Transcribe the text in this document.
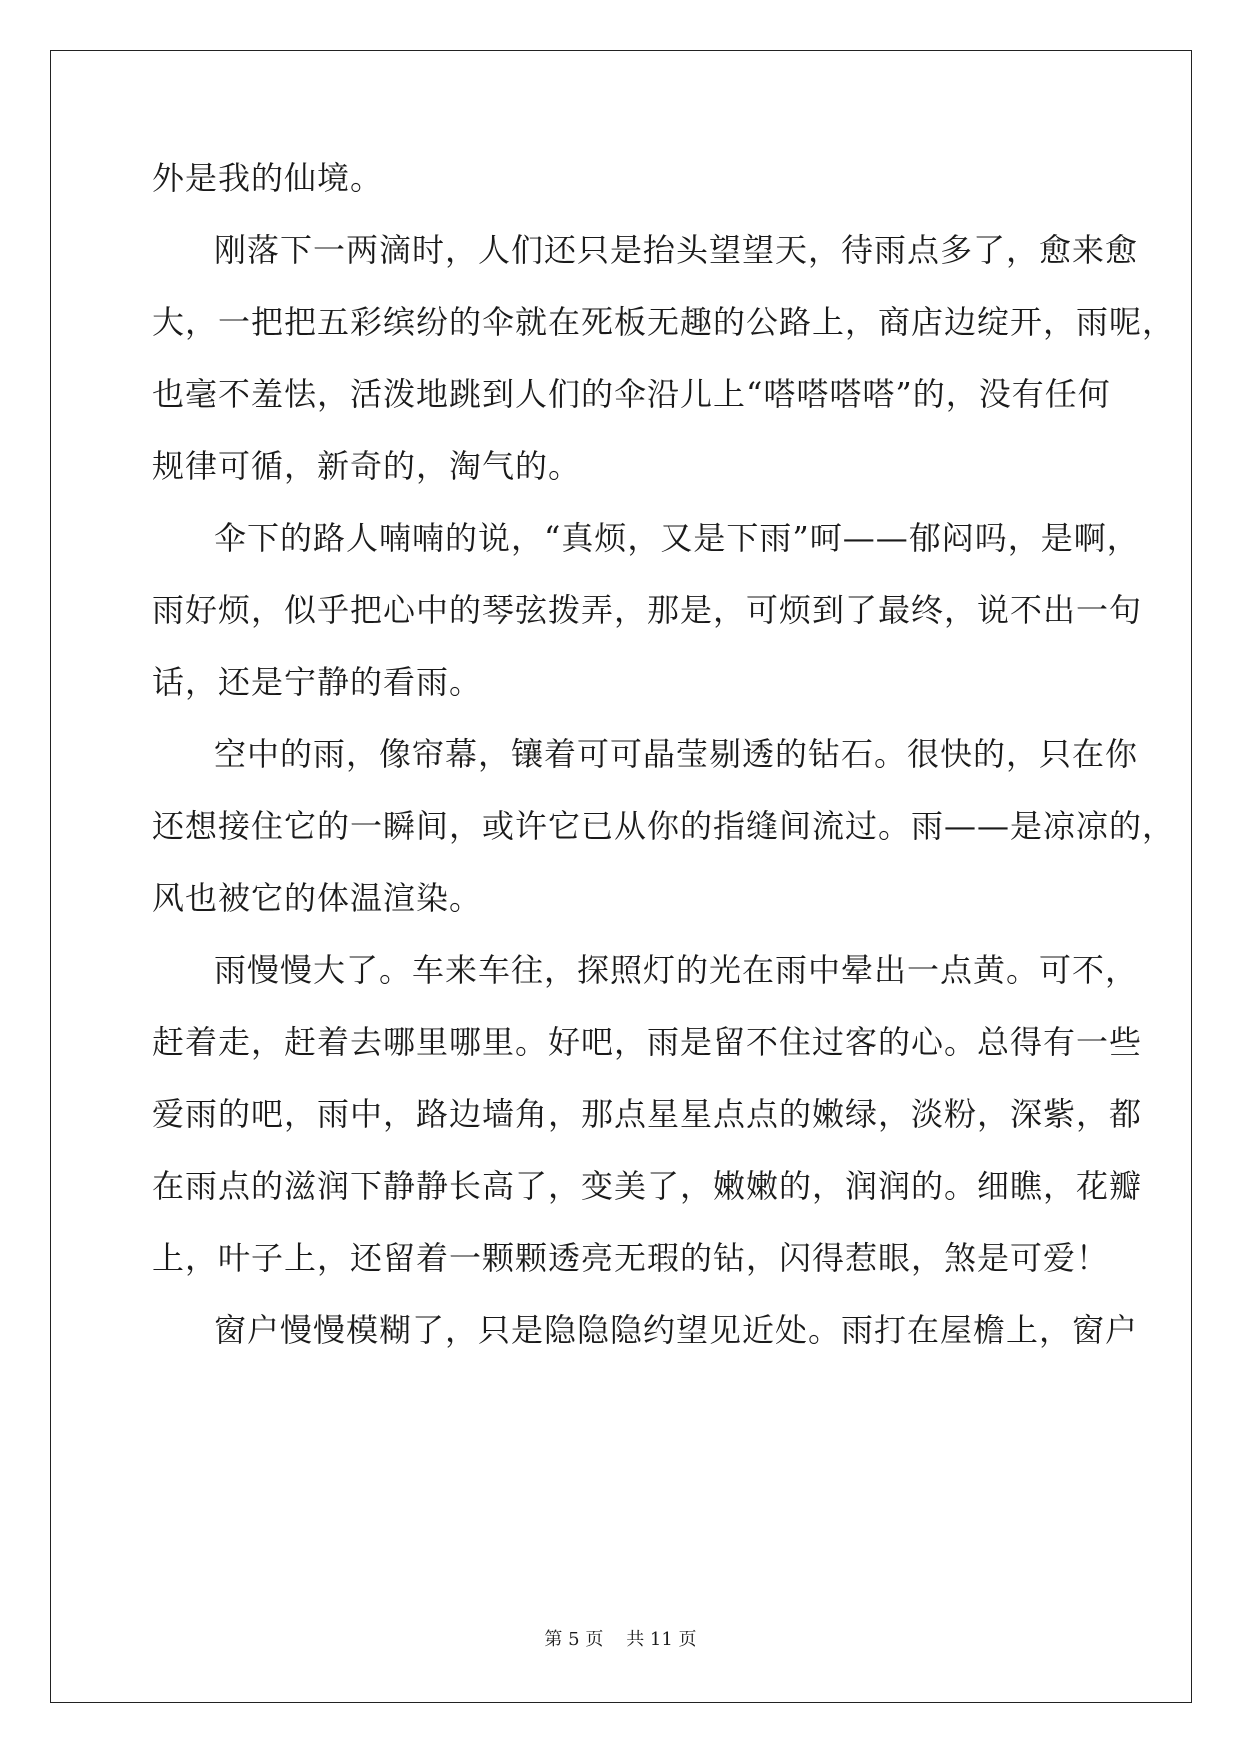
外是我的仙境。

刚落下一两滴时，人们还只是抬头望望天，待雨点多了，愈来愈

大，一把把五彩缤纷的伞就在死板无趣的公路上，商店边绽开，雨呢，

也毫不羞怯，活泼地跳到人们的伞沿儿上“嗒嗒嗒嗒”的，没有任何

规律可循，新奇的，淘气的。

伞下的路人喃喃的说，“真烦，又是下雨”呵——郁闷吗，是啊，

雨好烦，似乎把心中的琴弦拨弄，那是，可烦到了最终，说不出一句

话，还是宁静的看雨。

空中的雨，像帘幕，镶着可可晶莹剔透的钻石。很快的，只在你

还想接住它的一瞬间，或许它已从你的指缝间流过。雨——是凉凉的，

风也被它的体温渲染。

雨慢慢大了。车来车往，探照灯的光在雨中晕出一点黄。可不，

赶着走，赶着去哪里哪里。好吧，雨是留不住过客的心。总得有一些

爱雨的吧，雨中，路边墙角，那点星星点点的嫩绿，淡粉，深紫，都

在雨点的滋润下静静长高了，变美了，嫩嫩的，润润的。细瞧，花瓣

上，叶子上，还留着一颗颗透亮无瑕的钻，闪得惹眼，煞是可爱！

窗户慢慢模糊了，只是隐隐隐约望见近处。雨打在屋檐上，窗户

第 5 页    共 11 页
